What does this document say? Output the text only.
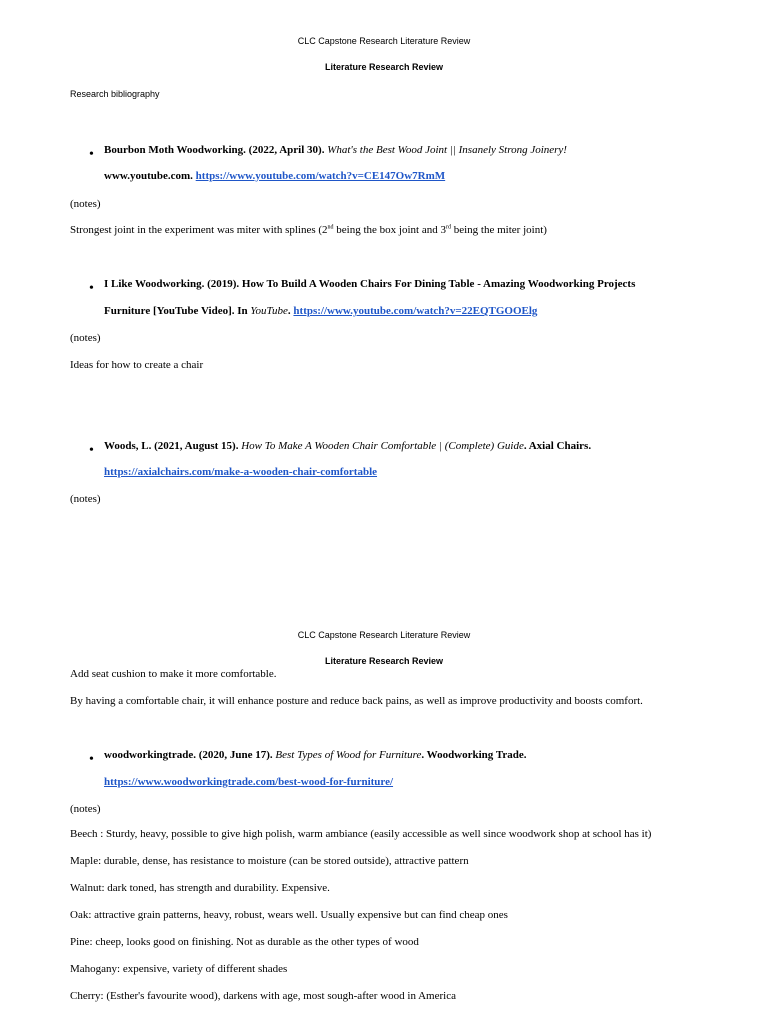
CLC Capstone Research Literature Review
Literature Research Review
Research bibliography
• Bourbon Moth Woodworking. (2022, April 30). What's the Best Wood Joint || Insanely Strong Joinery!
www.youtube.com. https://www.youtube.com/watch?v=CE147Ow7RmM
(notes)
Strongest joint in the experiment was miter with splines (2nd being the box joint and 3rd being the miter joint)
• I Like Woodworking. (2019). How To Build A Wooden Chairs For Dining Table - Amazing Woodworking Projects
Furniture [YouTube Video]. In YouTube. https://www.youtube.com/watch?v=22EQTGOOElg
(notes)
Ideas for how to create a chair
• Woods, L. (2021, August 15). How To Make A Wooden Chair Comfortable | (Complete) Guide. Axial Chairs.
https://axialchairs.com/make-a-wooden-chair-comfortable
(notes)
CLC Capstone Research Literature Review
Literature Research Review
Add seat cushion to make it more comfortable.
By having a comfortable chair, it will enhance posture and reduce back pains, as well as improve productivity and boosts comfort.
• woodworkingtrade. (2020, June 17). Best Types of Wood for Furniture. Woodworking Trade.
https://www.woodworkingtrade.com/best-wood-for-furniture/
(notes)
Beech : Sturdy, heavy, possible to give high polish, warm ambiance (easily accessible as well since woodwork shop at school has it)
Maple: durable, dense, has resistance to moisture (can be stored outside), attractive pattern
Walnut: dark toned, has strength and durability. Expensive.
Oak: attractive grain patterns, heavy, robust, wears well. Usually expensive but can find cheap ones
Pine: cheep, looks good on finishing. Not as durable as the other types of wood
Mahogany: expensive, variety of different shades
Cherry: (Esther's favourite wood), darkens with age, most sough-after wood in America
